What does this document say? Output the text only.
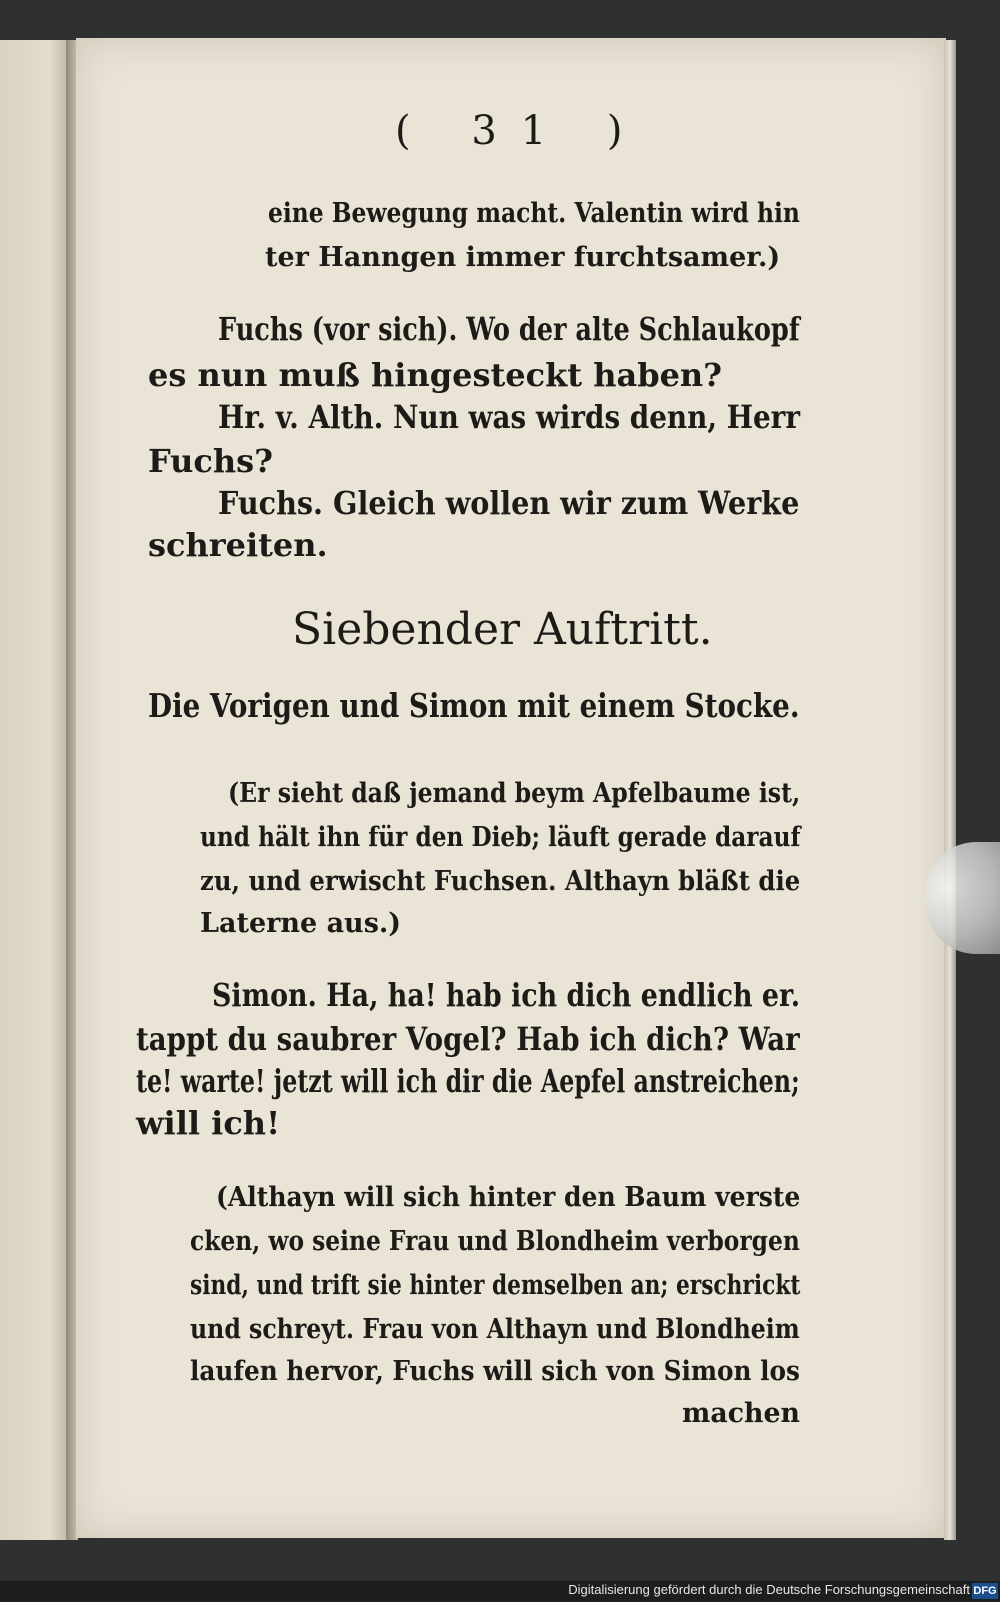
( 31 )
eine Bewegung macht. Valentin wird hin
ter Hanngen immer furchtsamer.)
Fuchs (vor sich). Wo der alte Schlaukopf
es nun muß hingesteckt haben?
Hr. v. Alth. Nun was wirds denn, Herr
Fuchs?
Fuchs. Gleich wollen wir zum Werke
schreiten.
Siebender Auftritt.
Die Vorigen und Simon mit einem Stocke.
(Er sieht daß jemand beym Apfelbaume ist,
und hält ihn für den Dieb; läuft gerade darauf
zu, und erwischt Fuchsen. Althayn bläßt die
Laterne aus.)
Simon. Ha, ha! hab ich dich endlich er.
tappt du saubrer Vogel? Hab ich dich? War
te! warte! jetzt will ich dir die Aepfel anstreichen;
will ich!
(Althayn will sich hinter den Baum verste
cken, wo seine Frau und Blondheim verborgen
sind, und trift sie hinter demselben an; erschrickt
und schreyt. Frau von Althayn und Blondheim
laufen hervor, Fuchs will sich von Simon los
machen
Digitalisierung gefördert durch die Deutsche Forschungsgemeinschaft DFG
